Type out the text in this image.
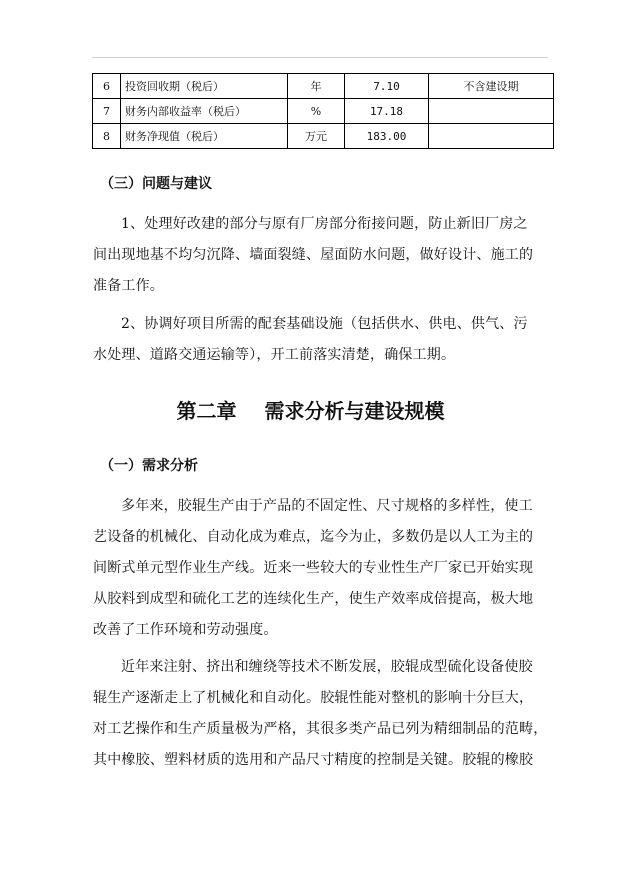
6	投资回收期（税后）	年	7.10	不含建设期
7	财务内部收益率（税后）	%	17.18	
8	财务净现值（税后）	万元	183.00	
（三）问题与建议
1、处理好改建的部分与原有厂房部分衔接问题，防止新旧厂房之
间出现地基不均匀沉降、墙面裂缝、屋面防水问题，做好设计、施工的
准备工作。
2、协调好项目所需的配套基础设施（包括供水、供电、供气、污
水处理、道路交通运输等），开工前落实清楚，确保工期。
第二章 需求分析与建设规模
（一）需求分析
多年来，胶辊生产由于产品的不固定性、尺寸规格的多样性，使工
艺设备的机械化、自动化成为难点，迄今为止，多数仍是以人工为主的
间断式单元型作业生产线。近来一些较大的专业性生产厂家已开始实现
从胶料到成型和硫化工艺的连续化生产，使生产效率成倍提高，极大地
改善了工作环境和劳动强度。
近年来注射、挤出和缠绕等技术不断发展，胶辊成型硫化设备使胶
辊生产逐渐走上了机械化和自动化。胶辊性能对整机的影响十分巨大，
对工艺操作和生产质量极为严格，其很多类产品已列为精细制品的范畴，
其中橡胶、塑料材质的选用和产品尺寸精度的控制是关键。胶辊的橡胶
